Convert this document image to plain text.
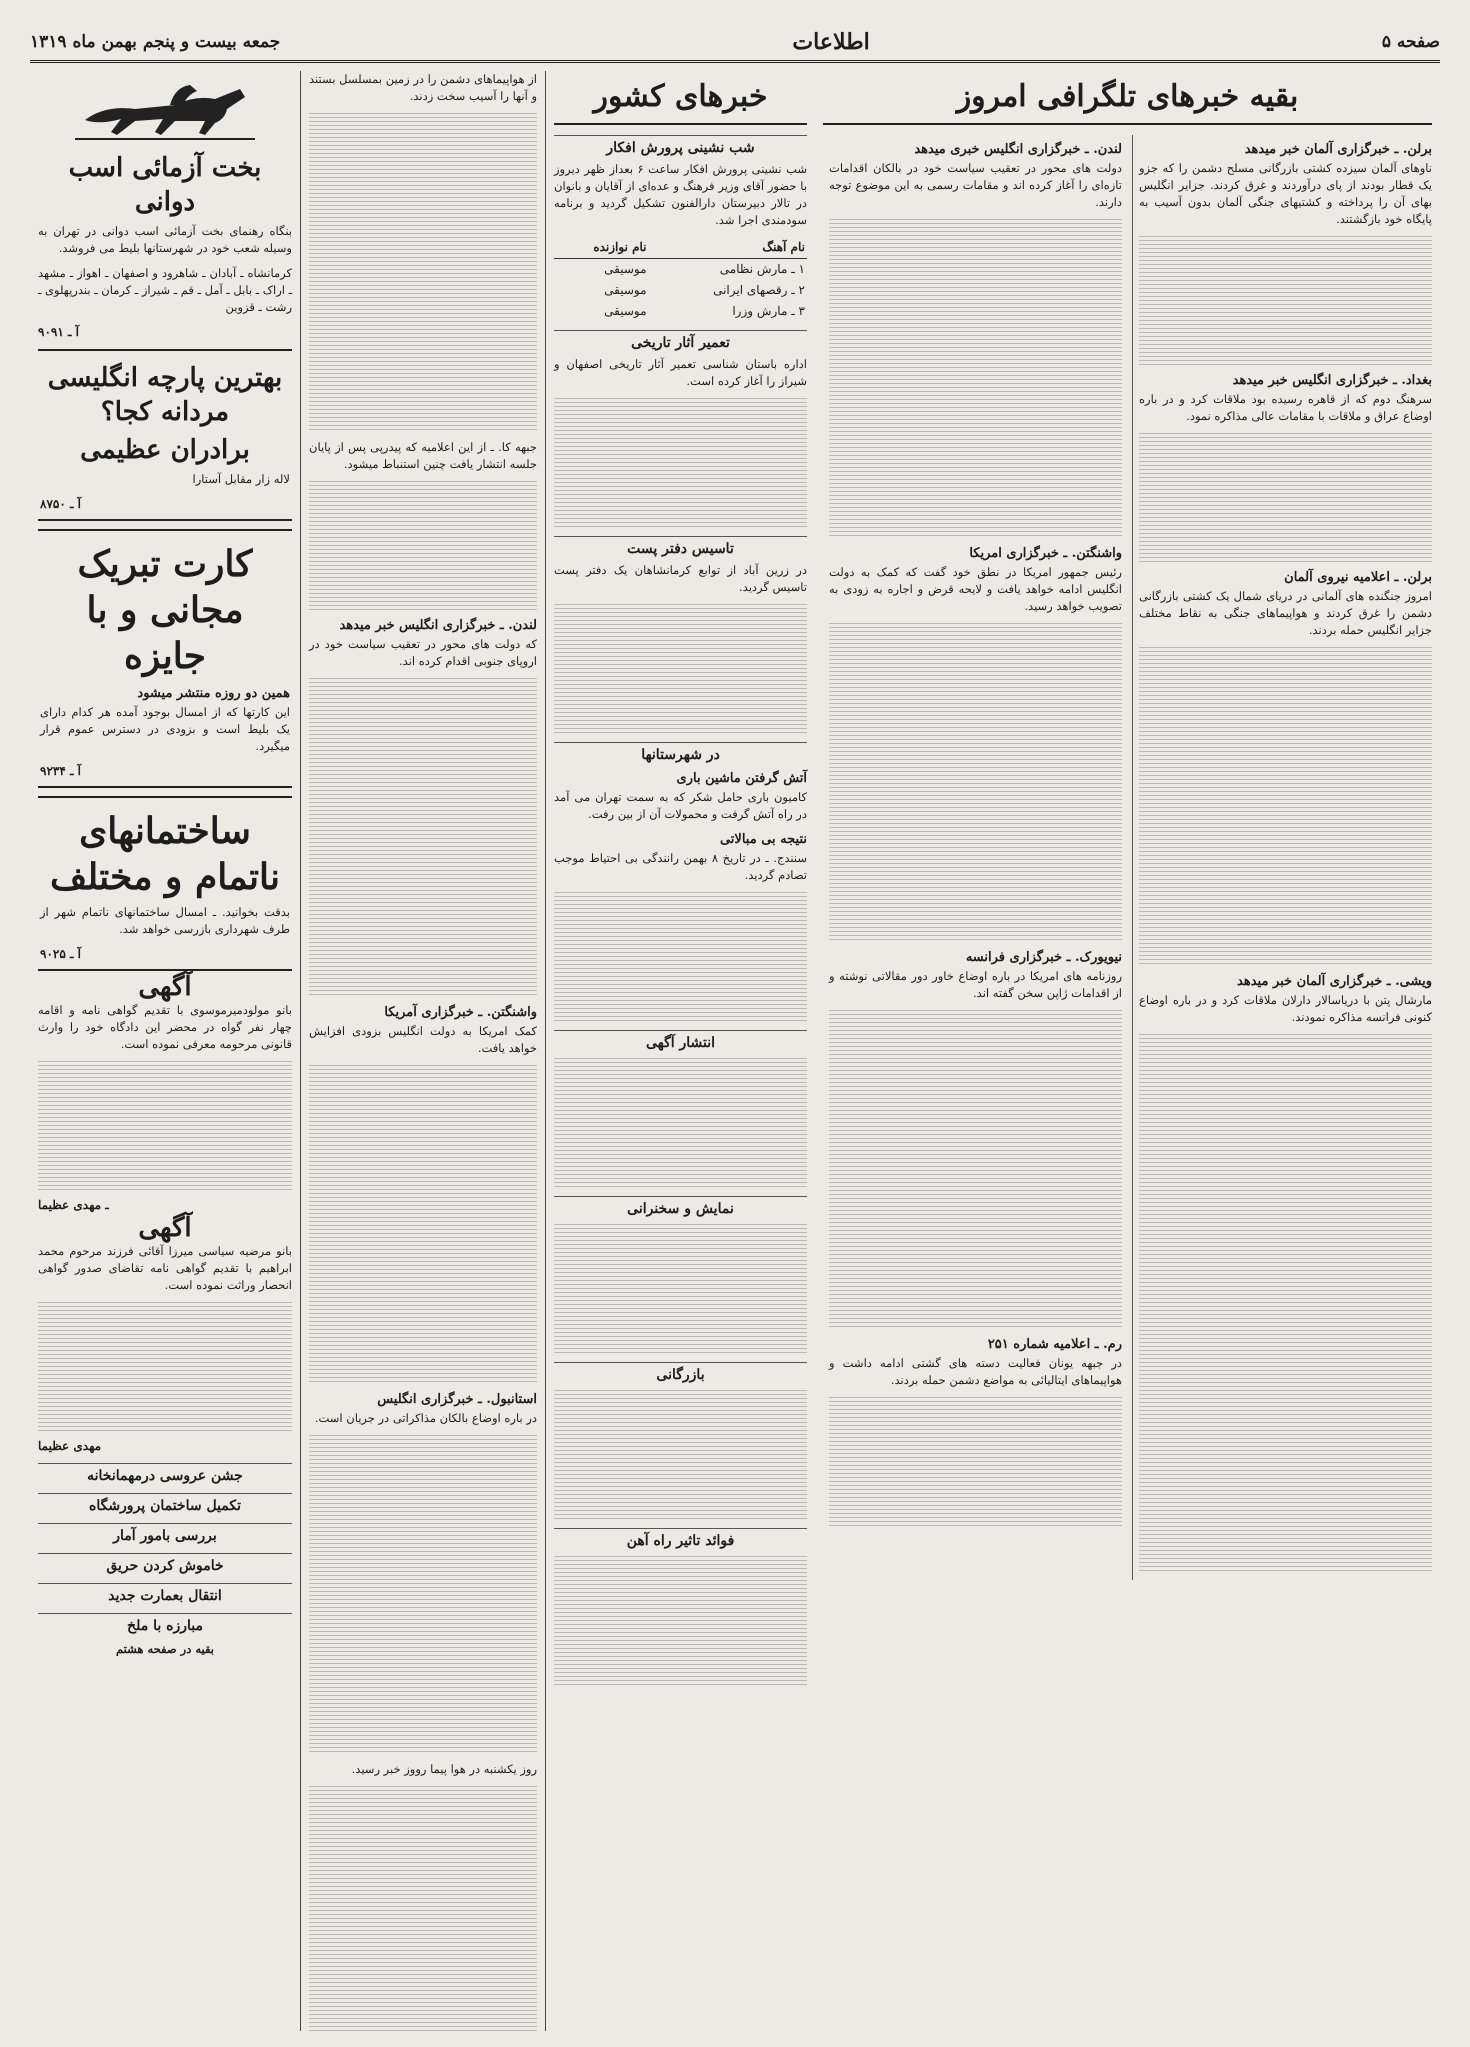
صفحه ۵
اطلاعات
جمعه بیست و پنجم بهمن ماه ۱۳۱۹
بقیه خبرهای تلگرافی امروز
برلن. ـ خبرگزاری آلمان خبر میدهد

ناوهای آلمان سیزده کشتی بازرگانی مسلح دشمن را که جزو یک قطار بودند از پای درآوردند و غرق کردند. جزایر انگلیس بهای آن را پرداخته و کشتیهای جنگی آلمان بدون آسیب به پایگاه خود بازگشتند.

بغداد. ـ خبرگزاری انگلیس خبر میدهد

سرهنگ دوم که از قاهره رسیده بود ملاقات کرد و در باره اوضاع عراق و ملاقات با مقامات عالی مذاکره نمود.

برلن. ـ اعلامیه نیروی آلمان

امروز جنگنده های آلمانی در دریای شمال یک کشتی بازرگانی دشمن را غرق کردند و هواپیماهای جنگی به نقاط مختلف جزایر انگلیس حمله بردند.

ویشی. ـ خبرگزاری آلمان خبر میدهد

مارشال پتن با دریاسالار دارلان ملاقات کرد و در باره اوضاع کنونی فرانسه مذاکره نمودند.

لندن. ـ خبرگزاری انگلیس خبری میدهد

دولت های محور در تعقیب سیاست خود در بالکان اقدامات تازه‌ای را آغاز کرده اند و مقامات رسمی به این موضوع توجه دارند.

واشنگتن. ـ خبرگزاری امریکا

رئیس جمهور امریکا در نطق خود گفت که کمک به دولت انگلیس ادامه خواهد یافت و لایحه قرض و اجاره به زودی به تصویب خواهد رسید.

نیویورک. ـ خبرگزاری فرانسه

روزنامه های امریکا در باره اوضاع خاور دور مقالاتی نوشته و از اقدامات ژاپن سخن گفته اند.

رم. ـ اعلامیه شماره ۲۵۱

در جبهه یونان فعالیت دسته های گشتی ادامه داشت و هواپیماهای ایتالیائی به مواضع دشمن حمله بردند.

خبرهای کشور
شب نشینی پرورش افکار

شب نشینی پرورش افکار ساعت ۶ بعداز ظهر دیروز با حضور آقای وزیر فرهنگ و عده‌ای از آقایان و بانوان در تالار دبیرستان دارالفنون تشکیل گردید و برنامه سودمندی اجرا شد.

نام آهنگ	نام نوازنده
۱ ـ مارش نظامی	موسیقی
۲ ـ رقصهای ایرانی	موسیقی
۳ ـ مارش وزرا	موسیقی
تعمیر آثار تاریخی

اداره باستان شناسی تعمیر آثار تاریخی اصفهان و شیراز را آغاز کرده است.

تاسیس دفتر پست

در زرین آباد از توابع کرمانشاهان یک دفتر پست تاسیس گردید.

در شهرستانها
آتش گرفتن ماشین باری

کامیون باری حامل شکر که به سمت تهران می آمد در راه آتش گرفت و محمولات آن از بین رفت.

نتیجه بی مبالاتی

سنندج. ـ در تاریخ ۸ بهمن رانندگی بی احتیاط موجب تصادم گردید.

انتشار آگهی
نمایش و سخنرانی
بازرگانی
فوائد تاثیر راه آهن

از هواپیماهای دشمن را در زمین بمسلسل بستند و آنها را آسیب سخت زدند.

جبهه کا. ـ از این اعلامیه که پیدرپی پس از پایان جلسه انتشار یافت چنین استنباط میشود.

لندن. ـ خبرگزاری انگلیس خبر میدهد

که دولت های محور در تعقیب سیاست خود در اروپای جنوبی اقدام کرده اند.

واشنگتن. ـ خبرگزاری آمریکا

کمک امریکا به دولت انگلیس بزودی افزایش خواهد یافت.

استانبول. ـ خبرگزاری انگلیس

در باره اوضاع بالکان مذاکراتی در جریان است.

روز یکشنبه در هوا پیما رووز خبر رسید.

بخت آزمائی اسب دوانی

بنگاه رهنمای بخت آزمائی اسب دوانی در تهران به وسیله شعب خود در شهرستانها بلیط می فروشد.

کرمانشاه ـ آبادان ـ شاهرود و اصفهان ـ اهواز ـ مشهد ـ اراک ـ بابل ـ آمل ـ قم ـ شیراز ـ کرمان ـ بندرپهلوی ـ رشت ـ قزوین

آ ـ ۹۰۹۱
بهترین پارچه انگلیسی مردانه کجا؟
برادران عظیمی

لاله زار مقابل آستارا

آ ـ ۸۷۵۰
کارت تبریک مجانی و با جایزه
همین دو روزه منتشر میشود

این کارتها که از امسال بوجود آمده هر کدام دارای یک بلیط است و بزودی در دسترس عموم قرار میگیرد.

آ ـ ۹۲۳۴
ساختمانهای ناتمام و مختلف

بدقت بخوانید. ـ امسال ساختمانهای ناتمام شهر از طرف شهرداری بازرسی خواهد شد.

آ ـ ۹۰۲۵
آگهی

بانو مولودمیرموسوی با تقدیم گواهی نامه و اقامه چهار نفر گواه در محضر این دادگاه خود را وارث قانونی مرحومه معرفی نموده است.

ـ مهدی عظیما
آگهی

بانو مرضیه سیاسی میرزا آقائی فرزند مرحوم محمد ابراهیم با تقدیم گواهی نامه تقاضای صدور گواهی انحصار وراثت نموده است.

مهدی عظیما
جشن عروسی درمهمانخانه
تکمیل ساختمان پرورشگاه
بررسی بامور آمار
خاموش کردن حریق
انتقال بعمارت جدید
مبارزه با ملخ
بقیه در صفحه هشتم
